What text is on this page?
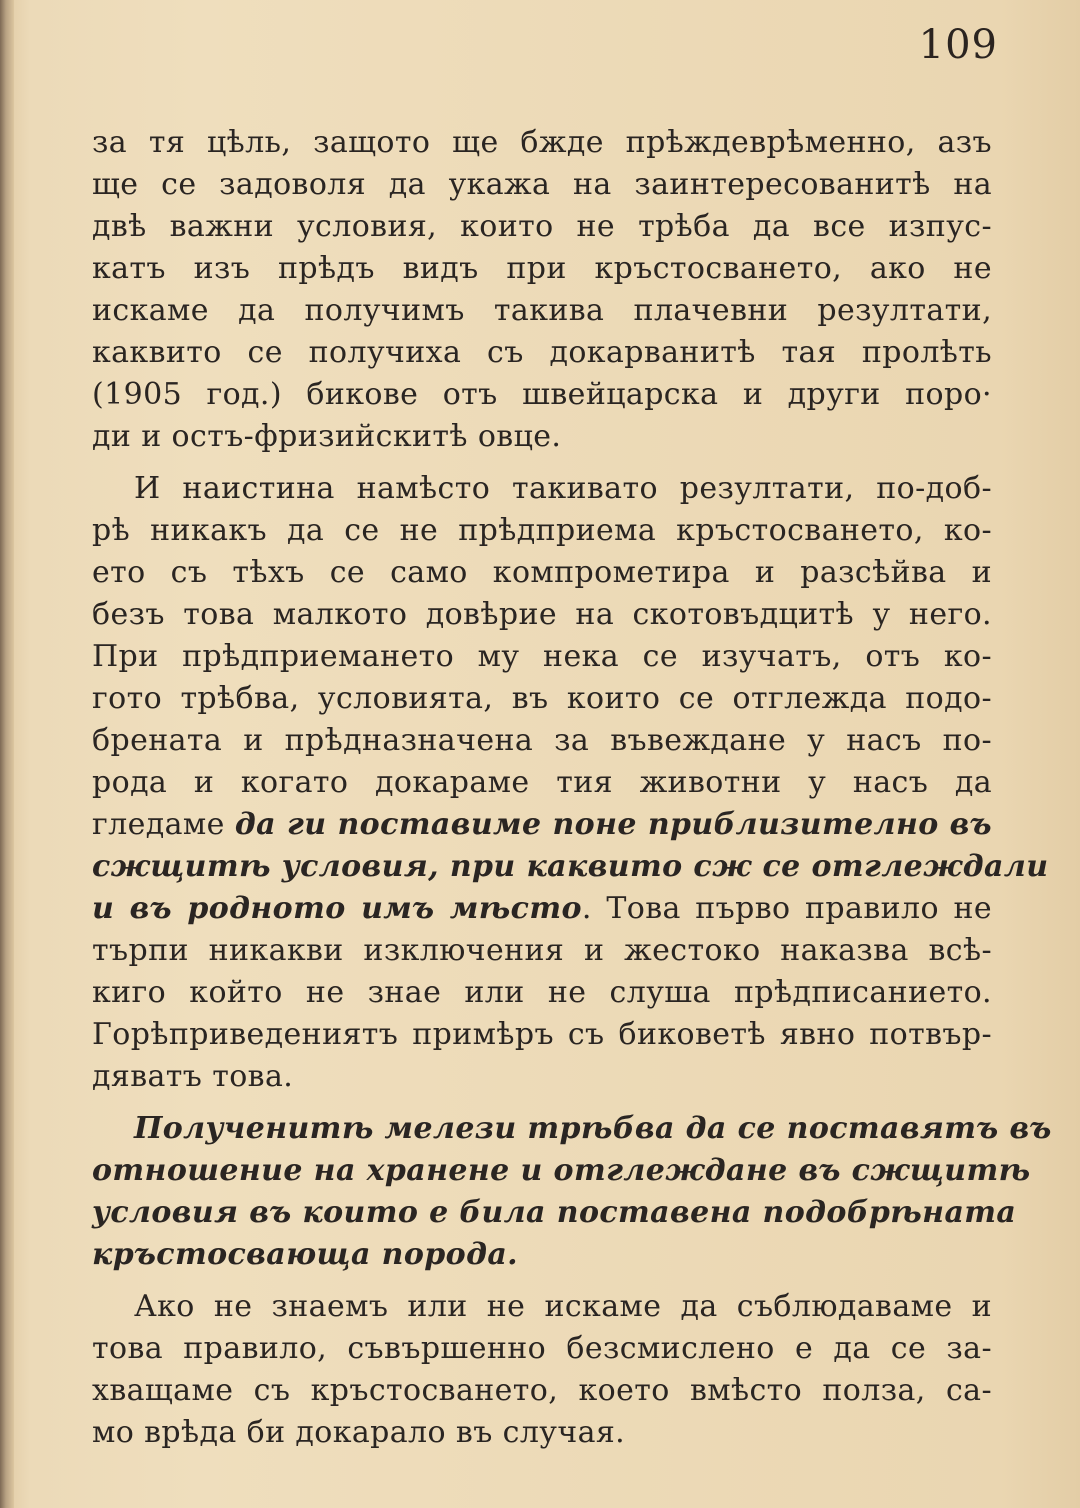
109
за тя цѣль, защото ще бжде прѣждеврѣменно, азъ
ще се задоволя да укажа на заинтересованитѣ на
двѣ важни условия, които не трѣба да все изпус-
катъ изъ прѣдъ видъ при кръстосването, ако не
искаме да получимъ такива плачевни резултати,
каквито се получиха съ докарванитѣ тая пролѣть
(1905 год.) бикове отъ швейцарска и други поро·
ди и остъ-фризийскитѣ овце.
И наистина намѣсто такивато резултати, по-доб-
рѣ никакъ да се не прѣдприема кръстосването, ко-
ето съ тѣхъ се само компрометира и разсѣйва и
безъ това малкото довѣрие на скотовъдцитѣ у него.
При прѣдприемането му нека се изучатъ, отъ ко-
гото трѣбва, условията, въ които се отглежда подо-
брената и прѣдназначена за въвеждане у насъ по-
рода и когато докараме тия животни у насъ да
гледаме да ги поставиме поне приблизително въ
сжщитѣ условия, при каквито сж се отглеждали
и въ родното имъ мѣсто. Това първо правило не
търпи никакви изключения и жестоко наказва всѣ-
киго който не знае или не слуша прѣдписанието.
Горѣприведениятъ примѣръ съ биковетѣ явно потвър-
дяватъ това.
Полученитѣ мелези трѣбва да се поставятъ въ
отношение на хранене и отглеждане въ сжщитѣ
условия въ които е била поставена подобрѣната
кръстосвающа порода.
Ако не знаемъ или не искаме да съблюдаваме и
това правило, съвършенно безсмислено е да се за-
хващаме съ кръстосването, което вмѣсто полза, са-
мо врѣда би докарало въ случая.
